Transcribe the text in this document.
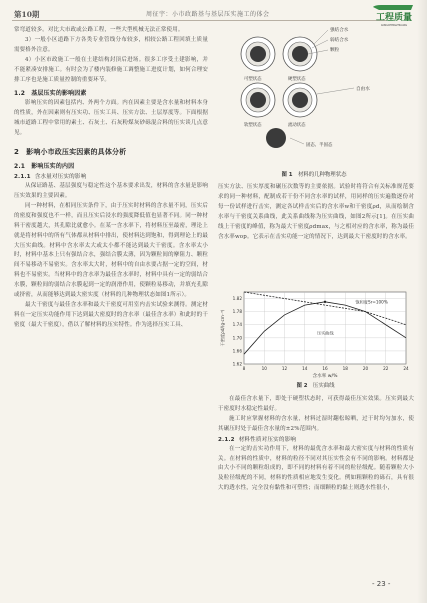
第10期	周征宇：小市政路基与基层压实施工的体会	工程质量
GONGCHENGZHILIANG

常弯道较多。对比大市政或公路工程，一些大型机械无法正常使用。

3）一般小区道路下方各类专业管线分布较多，相较公路工程回填土质量需要格外注意。

4）小区市政施工一般在土建结构封顶后进场。很多工序受土建影响，并不能紧凑安排施工。有时会为了楼内装修施工调整施工进度计划，如何合理安排工序也是施工质量控制的重要环节。

1.2　基层压实的影响因素

影响压实的因素包括内、外两个方面。内在因素主要是含水量和材料本身的性质，外在因素则有压实功、压实工具、压实方法、土层厚度等。下面根据城市道路工程中常用的素土、石灰土、石灰粉煤灰砂砾混合料的压实谈几点意见。

2　影响小市政压实因素的具体分析
2.1　影响压实的内因
2.1.1 含水量对压实的影响

从保证路基、基层强度与稳定性这个基本要求出发，材料的含水量是影响压实效果的主要因素。

同一种材料，在相同压实条件下，由于压实时材料的含水量不同，压实后的密度和强度也不一样，而且压实后浸水的强度降低值也显著不同。同一种材料干密度越大，其孔隙比就愈小。在某一含水率下，将材料压至最密，理论上就是将材料中的所有气体都从材料中排出，使材料达到饱和，得到理论上的最大压实曲线。材料中含水率太大或太小都不能达到最大干密度。含水率太小时，材料中基本上只有强结合水，强结合膜太薄，因为颗粒间的摩阻力、颗粒间不易移动不易密实。含水率太大时，材料中的自由水要占据一定的空间，材料也不易密实。当材料中的含水率为最佳含水率时，材料中具有一定的弱结合水膜，颗粒间的弱结合水膜起到一定的润滑作用，使颗粒易移动，并填充孔隙或挤密，从而能够达到最大密实度（材料的几种物理状态如图1所示）。

最大干密度与最佳含水率和最大干密度可用室内击实试验来测得。测定材料在一定压实功能作用下达到最大密度时的含水率（最佳含水率）和此时的干密度（最大干密度），借以了解材料的压实特性。作为选择压实工具、

强结合水
弱结合水
颗粒
可塑状态	硬塑状态
自由水
软塑状态	流动状态
固态、半固态
图 1　 材料的几种物理状态

压实方法、压实厚度和碾压次数等的主要依据。试验时将符合有关标准规范要求的同一种材料，配制成若干份不同含水率的试样，用同样的压实遍数逐份对每一份试样进行击实，测定各试样击实后的含水率w和干密度ρd，从而绘制含水率与干密度关系曲线，此关系曲线称为压实曲线，如图2所示[1]。在压实曲线上干密度的峰值，称为最大干密度ρdmax，与之相对应的含水率，称为最佳含水率wop。它表示在击实功能一定的情况下，达到最大干密度时的含水率。

8	10	12	14	16	18	20	22	24
1.62
1.66
1.70
1.74
1.78
1.82
饱和度Sr=100%
压实曲线
含水率 w/%
干密度ρd/(g·cm⁻³)
图 2　 压实曲线

在最佳含水量下，即处于硬塑状态时，可获得最佳压实效果。压实到最大干密度时水稳定性最好。

施工时应掌握材料的含水量，材料过湿时翻松晾晒，过干时均匀加水，使其碾压时处于最佳含水量的±2%范围内。

2.1.2 材料性质对压实的影响

在一定的击实功作用下，材料的最优含水率和最大密实度与材料的性质有关。在材料的性质中，材料的粒径不同对其压实性会有不同的影响。材料都是由大小不同的颗粒组成的，即不同的材料有着不同的粒径级配。随着颗粒大小及粒径级配的不同，材料的性质相应地发生变化。例如粗颗粒的砾石，具有很大的透水性，完全没有黏性和可塑性；而细颗粒的黏土则透水性很小，

- 23 -
